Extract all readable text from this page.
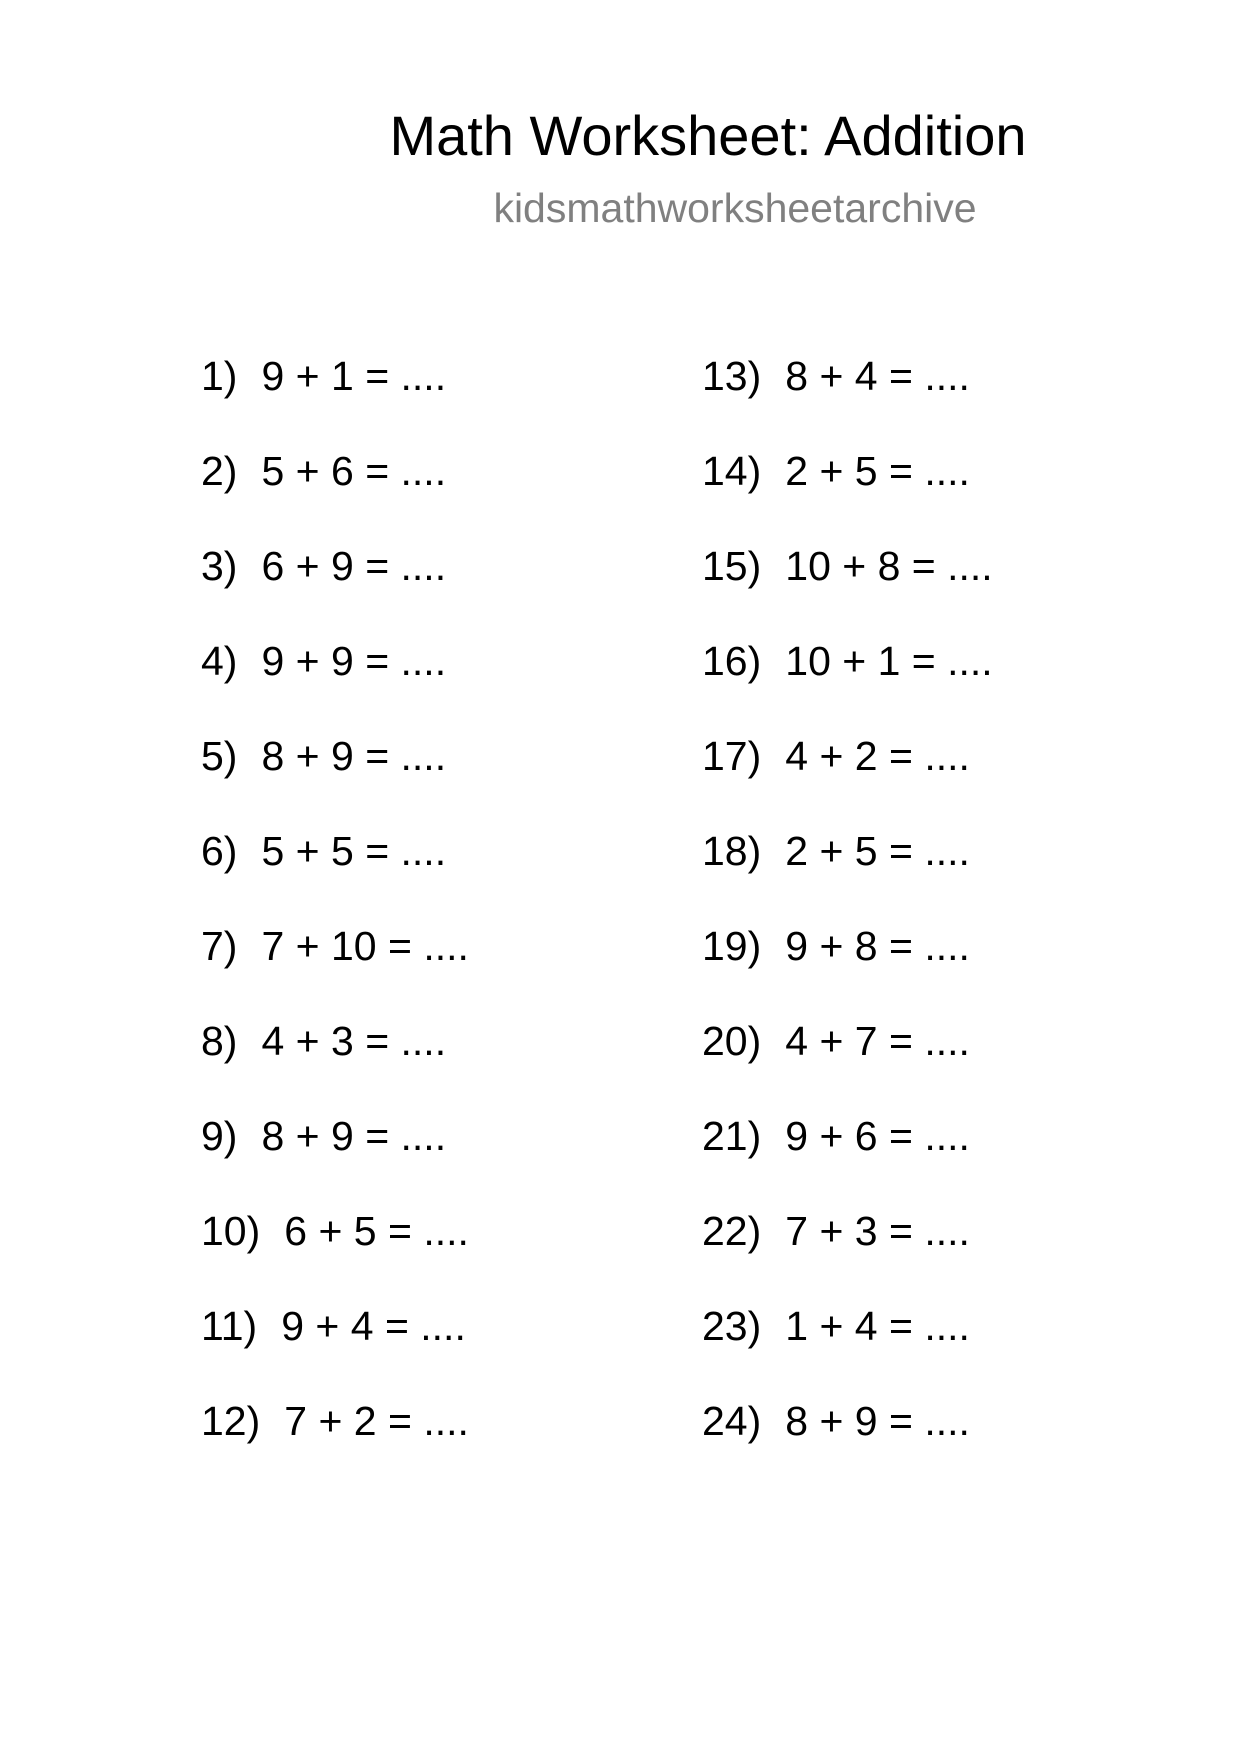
Math Worksheet: Addition
kidsmathworksheetarchive
1) 9 + 1 = ....
2) 5 + 6 = ....
3) 6 + 9 = ....
4) 9 + 9 = ....
5) 8 + 9 = ....
6) 5 + 5 = ....
7) 7 + 10 = ....
8) 4 + 3 = ....
9) 8 + 9 = ....
10) 6 + 5 = ....
11) 9 + 4 = ....
12) 7 + 2 = ....
13) 8 + 4 = ....
14) 2 + 5 = ....
15) 10 + 8 = ....
16) 10 + 1 = ....
17) 4 + 2 = ....
18) 2 + 5 = ....
19) 9 + 8 = ....
20) 4 + 7 = ....
21) 9 + 6 = ....
22) 7 + 3 = ....
23) 1 + 4 = ....
24) 8 + 9 = ....
